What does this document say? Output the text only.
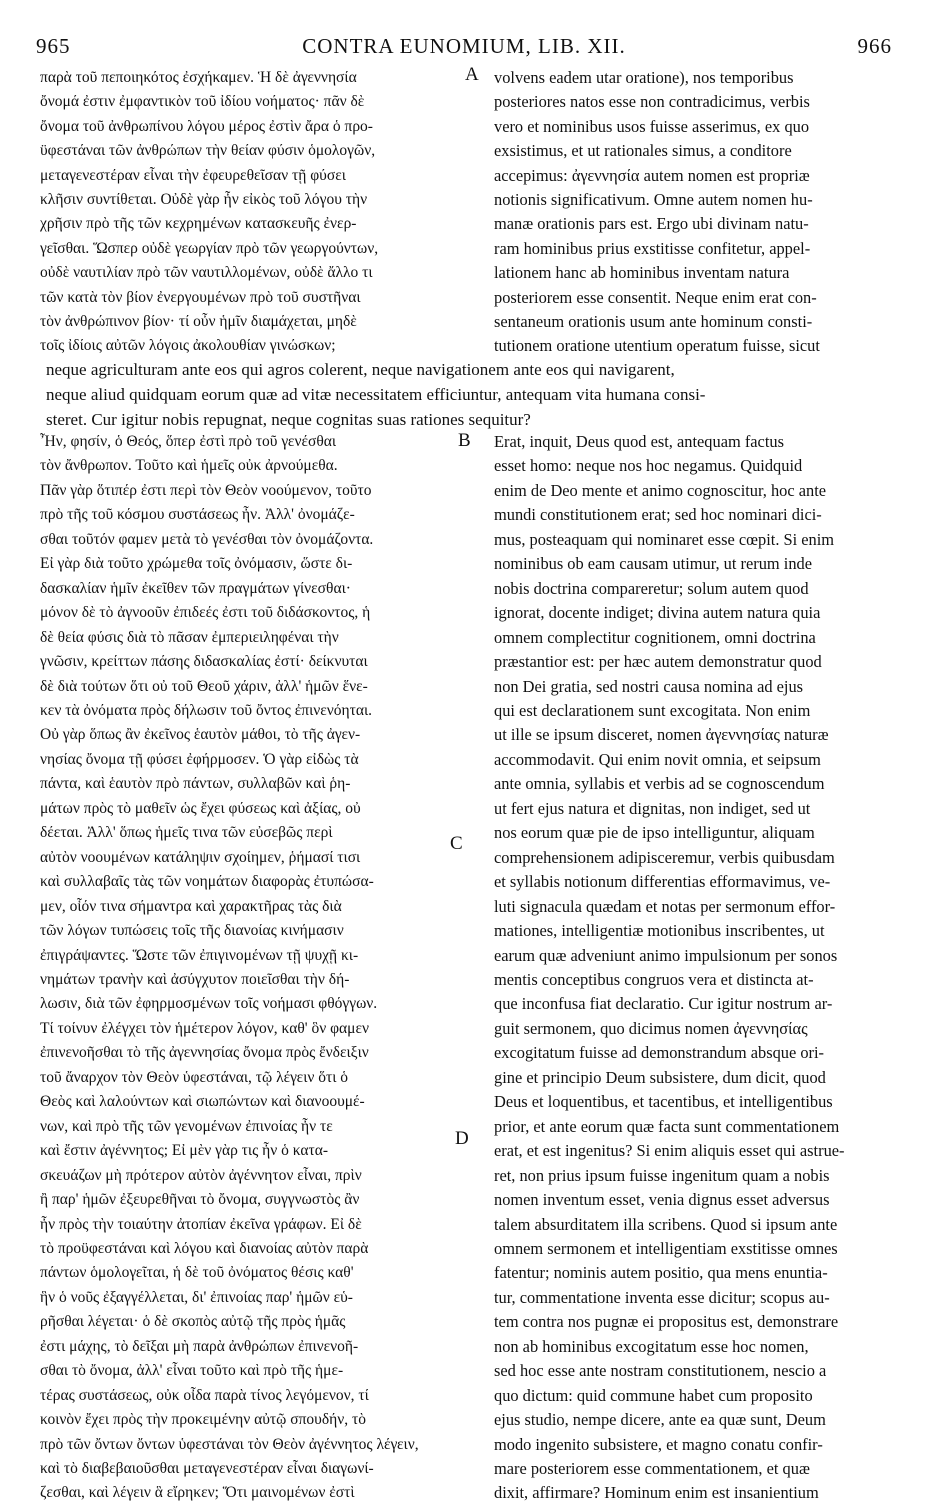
965	CONTRA EUNOMIUM, LIB. XII.	966
παρὰ τοῦ πεποιηκότος ἐσχήκαμεν. Ἡ δὲ ἀγεννησία
ὄνομά ἐστιν ἐμφαντικὸν τοῦ ἰδίου νοήματος· πᾶν δὲ
ὄνομα τοῦ ἀνθρωπίνου λόγου μέρος ἐστὶν ἄρα ὁ προ-
ϋφεστάναι τῶν ἀνθρώπων τὴν θείαν φύσιν ὁμολογῶν,
μεταγενεστέραν εἶναι τὴν ἐφευρεθεῖσαν τῇ φύσει
κλῆσιν συντίθεται. Οὐδὲ γὰρ ἦν εἰκὸς τοῦ λόγου τὴν
χρῆσιν πρὸ τῆς τῶν κεχρημένων κατασκευῆς ἐνερ-
γεῖσθαι. Ὥσπερ οὐδὲ γεωργίαν πρὸ τῶν γεωργούντων,
οὐδὲ ναυτιλίαν πρὸ τῶν ναυτιλλομένων, οὐδὲ ἄλλο τι
τῶν κατὰ τὸν βίον ἐνεργουμένων πρὸ τοῦ συστῆναι
τὸν ἀνθρώπινον βίον· τί οὖν ἡμῖν διαμάχεται, μηδὲ
τοῖς ἰδίοις αὐτῶν λόγοις ἀκολουθίαν γινώσκων;
volvens eadem utar oratione), nos temporibus
posteriores natos esse non contradicimus, verbis
vero et nominibus usos fuisse asserimus, ex quo
exsistimus, et ut rationales simus, a conditore
accepimus: ἀγεννησία autem nomen est propriæ
notionis significativum. Omne autem nomen hu-
manæ orationis pars est. Ergo ubi divinam natu-
ram hominibus prius exstitisse confitetur, appel-
lationem hanc ab hominibus inventam natura
posteriorem esse consentit. Neque enim erat con-
sentaneum orationis usum ante hominum consti-
tutionem oratione utentium operatum fuisse, sicut
neque agriculturam ante eos qui agros colerent, neque navigationem ante eos qui navigarent,
neque aliud quidquam eorum quæ ad vitæ necessitatem efficiuntur, antequam vita humana consi-
steret. Cur igitur nobis repugnat, neque cognitas suas rationes sequitur?
Ἦν, φησίν, ὁ Θεός, ὅπερ ἐστὶ πρὸ τοῦ γενέσθαι
τὸν ἄνθρωπον. Τοῦτο καὶ ἡμεῖς οὐκ ἀρνούμεθα.
Πᾶν γὰρ ὅτιπέρ ἐστι περὶ τὸν Θεὸν νοούμενον, τοῦτο
πρὸ τῆς τοῦ κόσμου συστάσεως ἦν. Ἀλλ' ὀνομάζε-
σθαι τοῦτόν φαμεν μετὰ τὸ γενέσθαι τὸν ὀνομάζοντα.
Εἰ γὰρ διὰ τοῦτο χρώμεθα τοῖς ὀνόμασιν, ὥστε δι-
δασκαλίαν ἡμῖν ἐκεῖθεν τῶν πραγμάτων γίνεσθαι·
μόνον δὲ τὸ ἀγνοοῦν ἐπιδεές ἐστι τοῦ διδάσκοντος, ἡ
δὲ θεία φύσις διὰ τὸ πᾶσαν ἐμπεριειληφέναι τὴν
γνῶσιν, κρείττων πάσης διδασκαλίας ἐστί· δείκνυται
δὲ διὰ τούτων ὅτι οὐ τοῦ Θεοῦ χάριν, ἀλλ' ἡμῶν ἕνε-
κεν τὰ ὀνόματα πρὸς δήλωσιν τοῦ ὄντος ἐπινενόηται.
Οὐ γὰρ ὅπως ἂν ἐκεῖνος ἑαυτὸν μάθοι, τὸ τῆς ἀγεν-
νησίας ὄνομα τῇ φύσει ἐφήρμοσεν. Ὁ γὰρ εἰδὼς τὰ
πάντα, καὶ ἑαυτὸν πρὸ πάντων, συλλαβῶν καὶ ῥη-
μάτων πρὸς τὸ μαθεῖν ὡς ἔχει φύσεως καὶ ἀξίας, οὐ
δέεται. Ἀλλ' ὅπως ἡμεῖς τινα τῶν εὐσεβῶς περὶ
αὐτὸν νοουμένων κατάληψιν σχοίημεν, ῥήμασί τισι
καὶ συλλαβαῖς τὰς τῶν νοημάτων διαφορὰς ἐτυπώσα-
μεν, οἷόν τινα σήμαντρα καὶ χαρακτῆρας τὰς διὰ
τῶν λόγων τυπώσεις τοῖς τῆς διανοίας κινήμασιν
ἐπιγράψαντες. Ὥστε τῶν ἐπιγινομένων τῇ ψυχῇ κι-
νημάτων τρανὴν καὶ ἀσύγχυτον ποιεῖσθαι τὴν δή-
λωσιν, διὰ τῶν ἐφηρμοσμένων τοῖς νοήμασι φθόγγων.
Τί τοίνυν ἐλέγχει τὸν ἡμέτερον λόγον, καθ' ὃν φαμεν
ἐπινενοῆσθαι τὸ τῆς ἀγεννησίας ὄνομα πρὸς ἔνδειξιν
τοῦ ἄναρχον τὸν Θεὸν ὑφεστάναι, τῷ λέγειν ὅτι ὁ
Θεὸς καὶ λαλούντων καὶ σιωπώντων καὶ διανοουμέ-
νων, καὶ πρὸ τῆς τῶν γενομένων ἐπινοίας ἦν τε
καὶ ἔστιν ἀγέννητος; Εἰ μὲν γὰρ τις ἦν ὁ κατα-
σκευάζων μὴ πρότερον αὐτὸν ἀγέννητον εἶναι, πρὶν
ἢ παρ' ἡμῶν ἐξευρεθῆναι τὸ ὄνομα, συγγνωστὸς ἂν
ἦν πρὸς τὴν τοιαύτην ἀτοπίαν ἐκεῖνα γράφων. Εἰ δὲ
τὸ προϋφεστάναι καὶ λόγου καὶ διανοίας αὐτὸν παρὰ
πάντων ὁμολογεῖται, ἡ δὲ τοῦ ὀνόματος θέσις καθ'
ἣν ὁ νοῦς ἐξαγγέλλεται, δι' ἐπινοίας παρ' ἡμῶν εὑ-
ρῆσθαι λέγεται· ὁ δὲ σκοπὸς αὐτῷ τῆς πρὸς ἡμᾶς
ἐστι μάχης, τὸ δεῖξαι μὴ παρὰ ἀνθρώπων ἐπινενοῆ-
σθαι τὸ ὄνομα, ἀλλ' εἶναι τοῦτο καὶ πρὸ τῆς ἡμε-
τέρας συστάσεως, οὐκ οἶδα παρὰ τίνος λεγόμενον, τί
κοινὸν ἔχει πρὸς τὴν προκειμένην αὐτῷ σπουδήν, τὸ
πρὸ τῶν ὄντων ὄντων ὑφεστάναι τὸν Θεὸν ἀγέννητος λέγειν,
καὶ τὸ διαβεβαιοῦσθαι μεταγενεστέραν εἶναι διαγωνί-
ζεσθαι, καὶ λέγειν ἃ εἴρηκεν; Ὅτι μαινομένων ἐστὶ
Erat, inquit, Deus quod est, antequam factus
esset homo: neque nos hoc negamus. Quidquid
enim de Deo mente et animo cognoscitur, hoc ante
mundi constitutionem erat; sed hoc nominari dici-
mus, posteaquam qui nominaret esse cœpit. Si enim
nominibus ob eam causam utimur, ut rerum inde
nobis doctrina compareretur; solum autem quod
ignorat, docente indiget; divina autem natura quia
omnem complectitur cognitionem, omni doctrina
præstantior est: per hæc autem demonstratur quod
non Dei gratia, sed nostri causa nomina ad ejus
qui est declarationem sunt excogitata. Non enim
ut ille se ipsum disceret, nomen ἀγεννησίας naturæ
accommodavit. Qui enim novit omnia, et seipsum
ante omnia, syllabis et verbis ad se cognoscendum
ut fert ejus natura et dignitas, non indiget, sed ut
nos eorum quæ pie de ipso intelliguntur, aliquam
comprehensionem adipisceremur, verbis quibusdam
et syllabis notionum differentias efformavimus, ve-
luti signacula quædam et notas per sermonum effor-
mationes, intelligentiæ motionibus inscribentes, ut
earum quæ adveniunt animo impulsionum per sonos
mentis conceptibus congruos vera et distincta at-
que inconfusa fiat declaratio. Cur igitur nostrum ar-
guit sermonem, quo dicimus nomen ἀγεννησίας
excogitatum fuisse ad demonstrandum absque ori-
gine et principio Deum subsistere, dum dicit, quod
Deus et loquentibus, et tacentibus, et intelligentibus
prior, et ante eorum quæ facta sunt commentationem
erat, et est ingenitus? Si enim aliquis esset qui astrue-
ret, non prius ipsum fuisse ingenitum quam a nobis
nomen inventum esset, venia dignus esset adversus
talem absurditatem illa scribens. Quod si ipsum ante
omnem sermonem et intelligentiam exstitisse omnes
fatentur; nominis autem positio, qua mens enuntia-
tur, commentatione inventa esse dicitur; scopus au-
tem contra nos pugnæ ei propositus est, demonstrare
non ab hominibus excogitatum esse hoc nomen,
sed hoc esse ante nostram constitutionem, nescio a
quo dictum: quid commune habet cum proposito
ejus studio, nempe dicere, ante ea quæ sunt, Deum
modo ingenito subsistere, et magno conatu confir-
mare posteriorem esse commentationem, et quæ
dixit, affirmare? Hominum enim est insanientium
A
B
C
D
